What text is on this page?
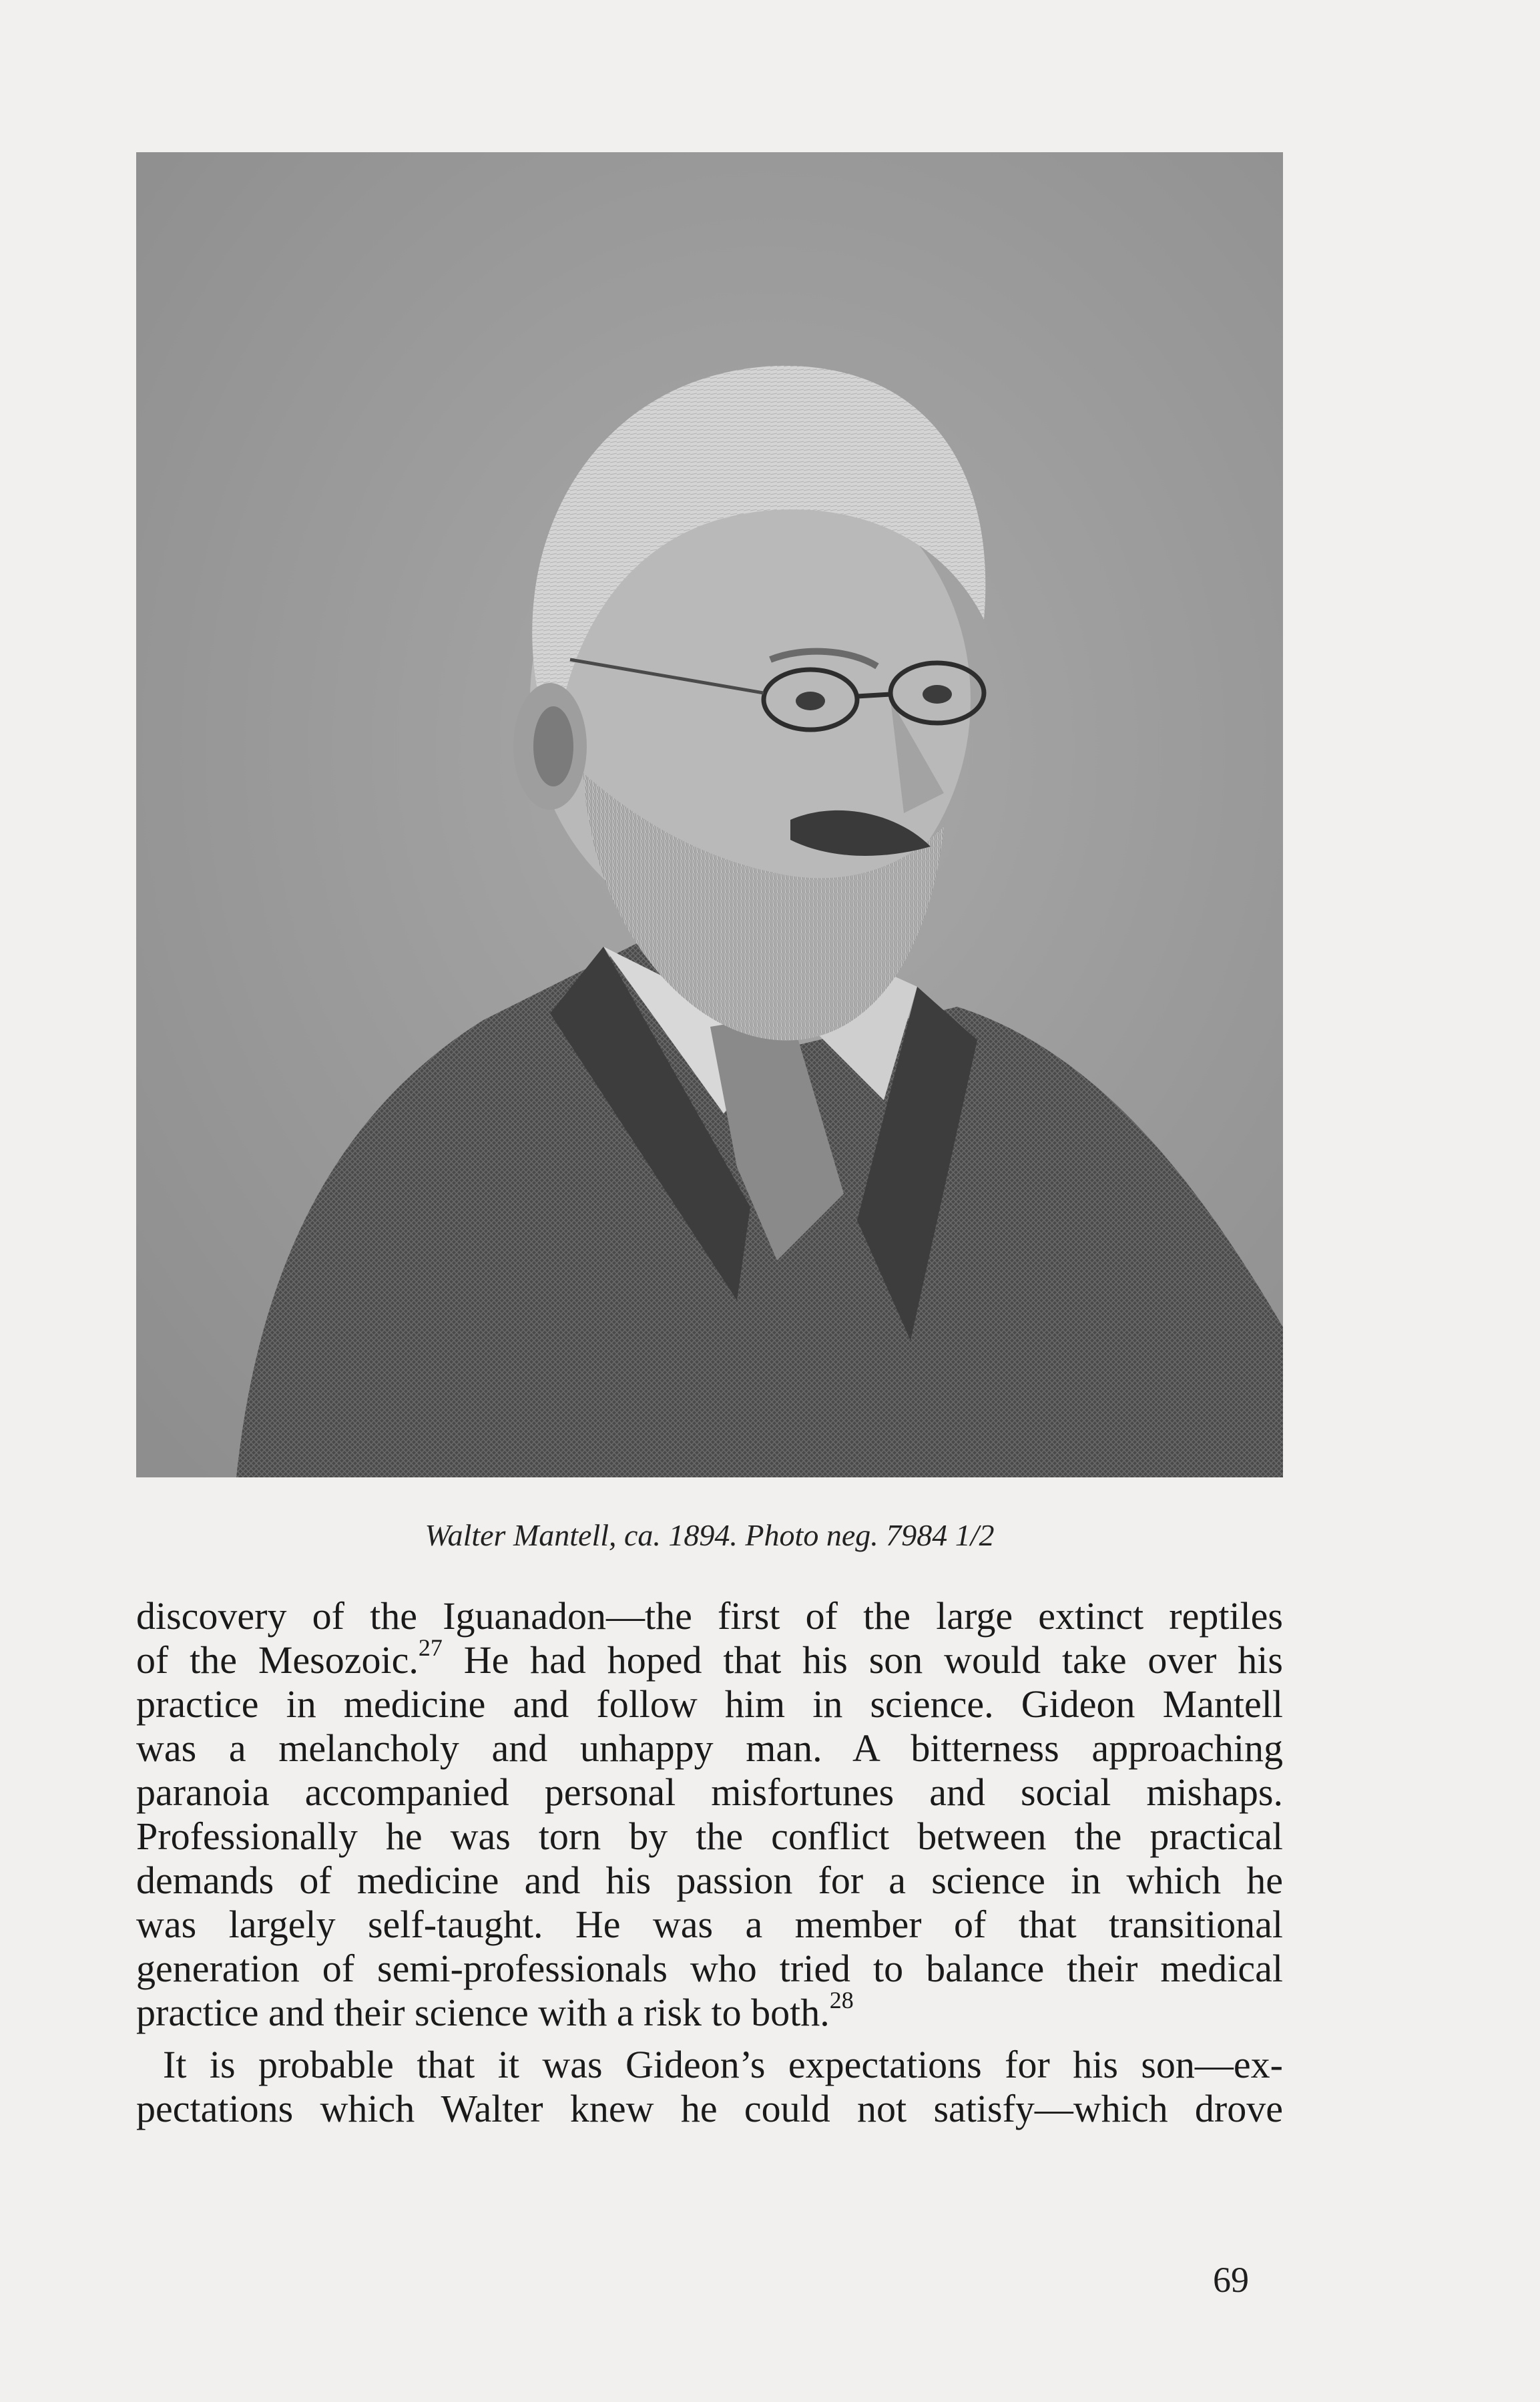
Walter Mantell, ca. 1894. Photo neg. 7984 1/2
discovery of the Iguanadon—the first of the large extinct reptiles
of the Mesozoic.$^{27}$ He had hoped that his son would take over his
practice in medicine and follow him in science. Gideon Mantell
was a melancholy and unhappy man. A bitterness approaching
paranoia accompanied personal misfortunes and social mishaps.
Professionally he was torn by the conflict between the practical
demands of medicine and his passion for a science in which he
was largely self-taught. He was a member of that transitional
generation of semi-professionals who tried to balance their medical
practice and their science with a risk to both.$^{28}$
It is probable that it was Gideon’s expectations for his son—ex-
pectations which Walter knew he could not satisfy—which drove
69
